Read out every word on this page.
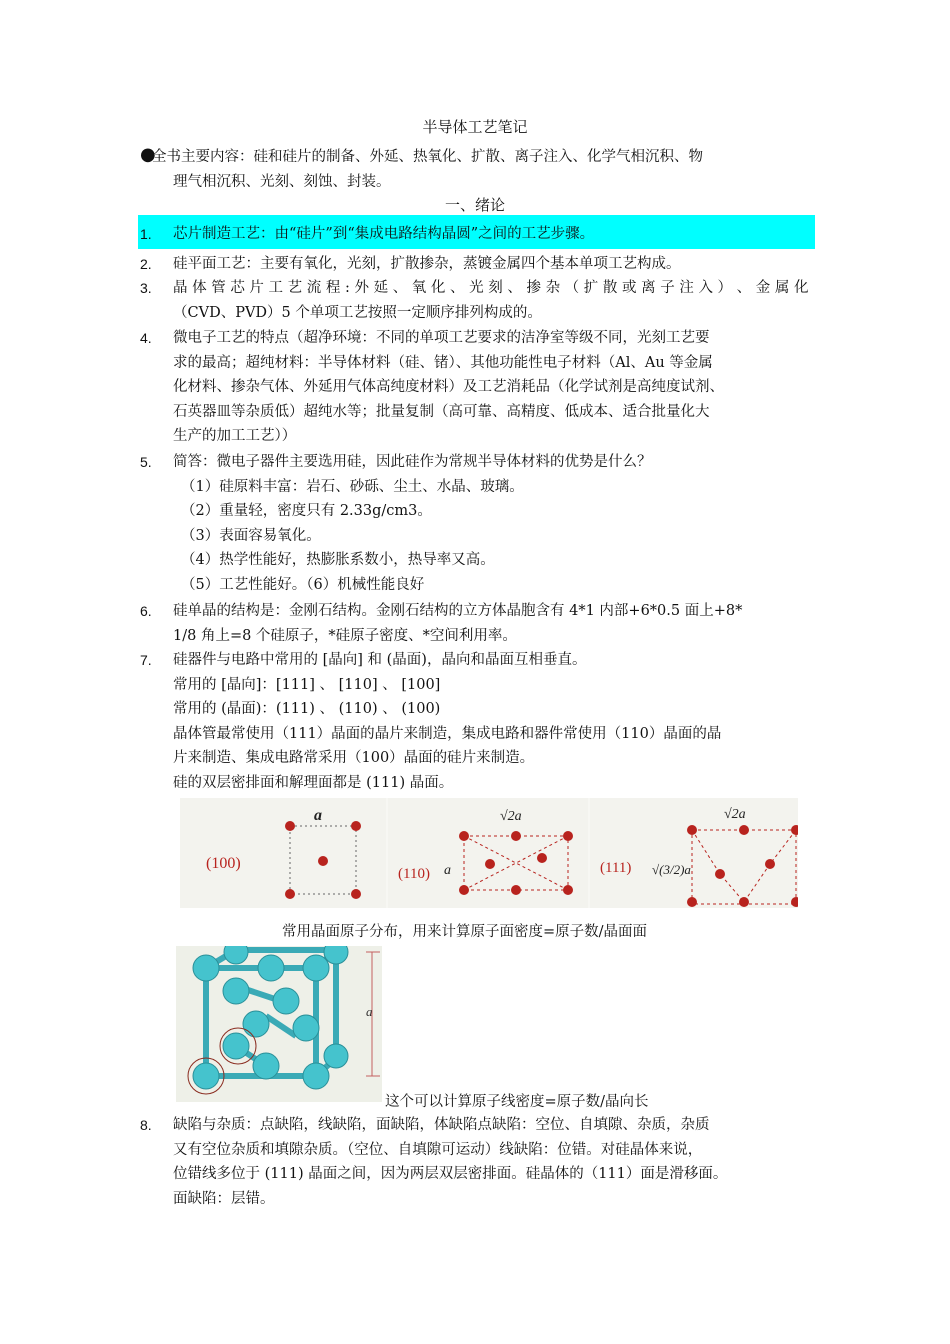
半导体工艺笔记
●
全书主要内容：硅和硅片的制备、外延、热氧化、扩散、离子注入、化学气相沉积、物
理气相沉积、光刻、刻蚀、封装。
一、绪论
1. 芯片制造工艺：由“硅片”到“集成电路结构晶圆”之间的工艺步骤。
2. 硅平面工艺：主要有氧化，光刻，扩散掺杂，蒸镀金属四个基本单项工艺构成。
3. 晶 体 管 芯 片 工 艺 流 程 : 外 延 、 氧 化 、 光 刻 、 掺 杂 （ 扩 散 或 离 子 注 入 ） 、 金 属 化
（CVD、PVD）5 个单项工艺按照一定顺序排列构成的。
4. 微电子工艺的特点（超净环境：不同的单项工艺要求的洁净室等级不同，光刻工艺要
求的最高；超纯材料：半导体材料（硅、锗）、其他功能性电子材料（Al、Au 等金属
化材料、掺杂气体、外延用气体高纯度材料）及工艺消耗品（化学试剂是高纯度试剂、
石英器皿等杂质低）超纯水等；批量复制（高可靠、高精度、低成本、适合批量化大
生产的加工工艺））
5. 简答：微电子器件主要选用硅，因此硅作为常规半导体材料的优势是什么？
（1）硅原料丰富：岩石、砂砾、尘土、水晶、玻璃。
（2）重量轻，密度只有 2.33g/cm3。
（3）表面容易氧化。
（4）热学性能好，热膨胀系数小，热导率又高。
（5）工艺性能好。（6）机械性能良好
6. 硅单晶的结构是：金刚石结构。金刚石结构的立方体晶胞含有 4*1 内部+6*0.5 面上+8*
1/8 角上=8 个硅原子，*硅原子密度、*空间利用率。
7. 硅器件与电路中常用的 [晶向] 和 (晶面)，晶向和晶面互相垂直。
常用的 [晶向]：[111] 、 [110] 、 [100]
常用的 (晶面)：(111) 、 (110) 、 (100)
晶体管最常使用（111）晶面的晶片来制造，集成电路和器件常使用（110）晶面的晶
片来制造、集成电路常采用（100）晶面的硅片来制造。
硅的双层密排面和解理面都是 (111) 晶面。
(100)
a
(110)
√2a
a	(111)
√2a
√(3/2)a
常用晶面原子分布，用来计算原子面密度=原子数/晶面面
a
这个可以计算原子线密度=原子数/晶向长
8. 缺陷与杂质：点缺陷，线缺陷，面缺陷，体缺陷点缺陷：空位、自填隙、杂质，杂质
又有空位杂质和填隙杂质。（空位、自填隙可运动）线缺陷：位错。对硅晶体来说，
位错线多位于 (111) 晶面之间，因为两层双层密排面。硅晶体的（111）面是滑移面。
面缺陷：层错。
